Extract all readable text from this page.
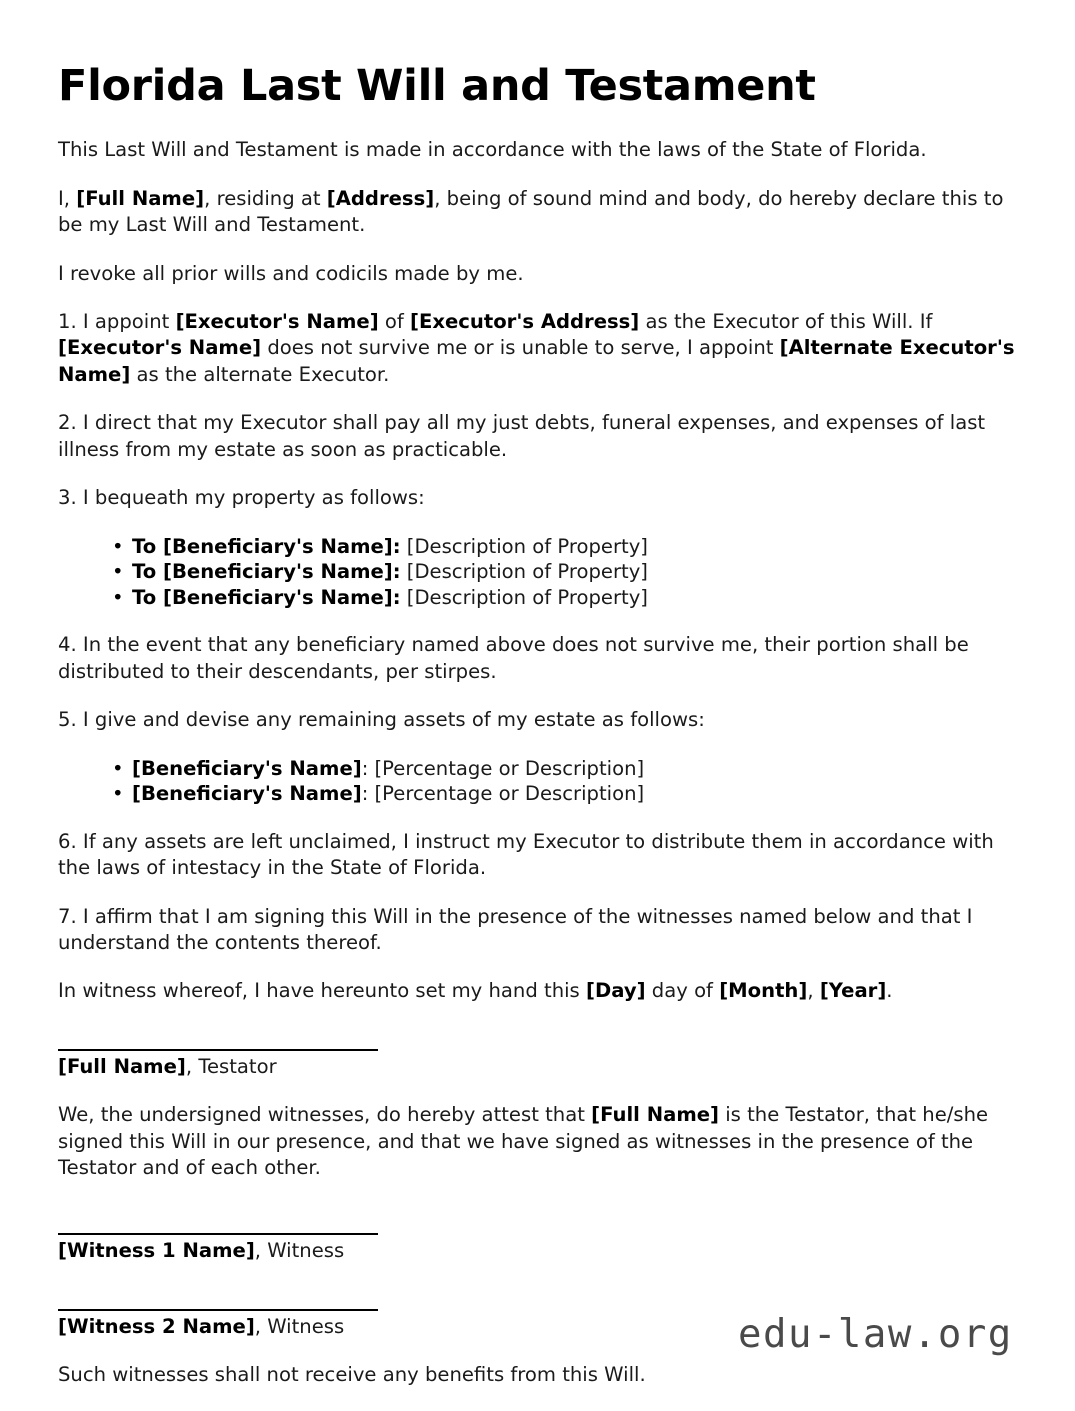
Florida Last Will and Testament

This Last Will and Testament is made in accordance with the laws of the State of Florida.

I, [Full Name], residing at [Address], being of sound mind and body, do hereby declare this to be my Last Will and Testament.

I revoke all prior wills and codicils made by me.

1. I appoint [Executor's Name] of [Executor's Address] as the Executor of this Will. If [Executor's Name] does not survive me or is unable to serve, I appoint [Alternate Executor's Name] as the alternate Executor.

2. I direct that my Executor shall pay all my just debts, funeral expenses, and expenses of last illness from my estate as soon as practicable.

3. I bequeath my property as follows:

• To [Beneficiary's Name]: [Description of Property]
• To [Beneficiary's Name]: [Description of Property]
• To [Beneficiary's Name]: [Description of Property]

4. In the event that any beneficiary named above does not survive me, their portion shall be distributed to their descendants, per stirpes.

5. I give and devise any remaining assets of my estate as follows:

• [Beneficiary's Name]: [Percentage or Description]
• [Beneficiary's Name]: [Percentage or Description]

6. If any assets are left unclaimed, I instruct my Executor to distribute them in accordance with the laws of intestacy in the State of Florida.

7. I affirm that I am signing this Will in the presence of the witnesses named below and that I understand the contents thereof.

In witness whereof, I have hereunto set my hand this [Day] day of [Month], [Year].

[Full Name], Testator

We, the undersigned witnesses, do hereby attest that [Full Name] is the Testator, that he/she signed this Will in our presence, and that we have signed as witnesses in the presence of the Testator and of each other.

[Witness 1 Name], Witness
[Witness 2 Name], Witness

Such witnesses shall not receive any benefits from this Will.

edu-law.org
